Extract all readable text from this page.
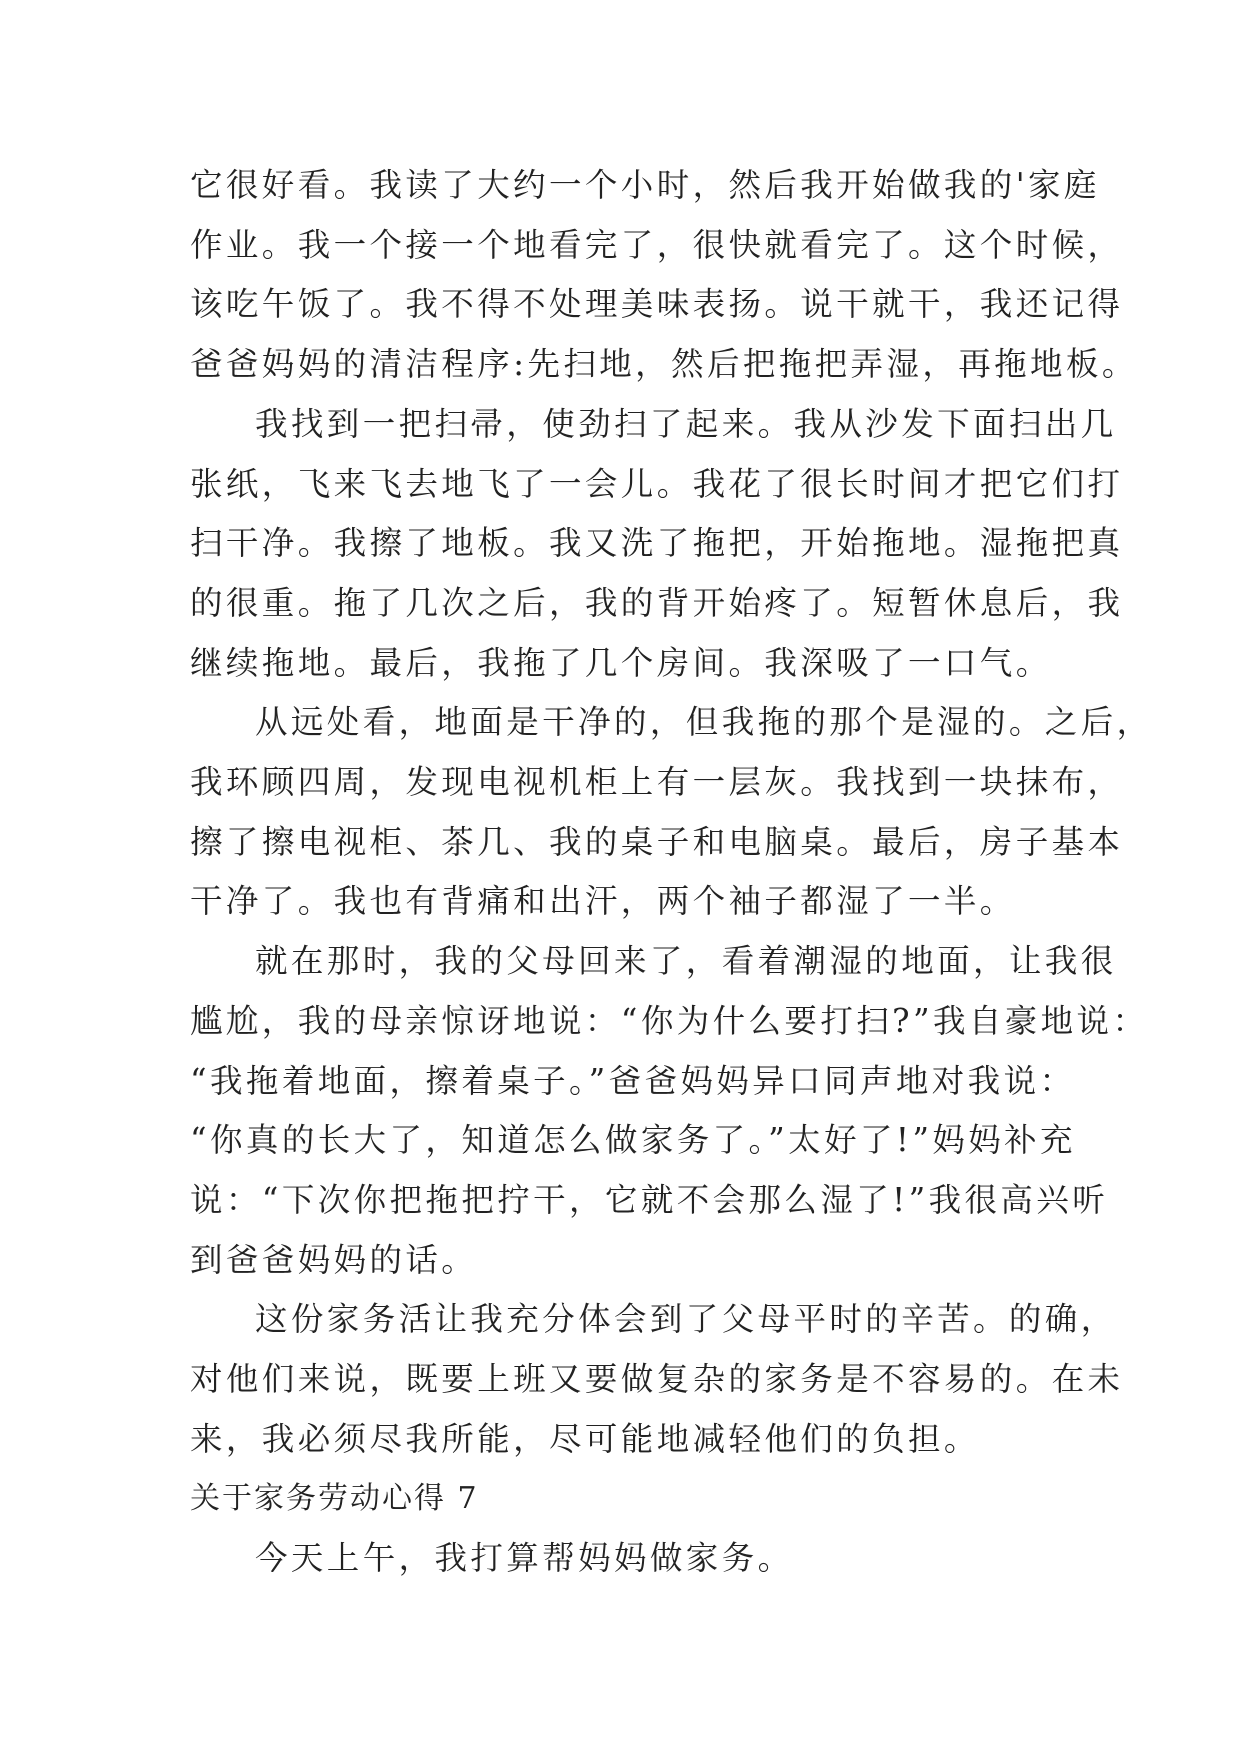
它很好看。我读了大约一个小时，然后我开始做我的'家庭
作业。我一个接一个地看完了，很快就看完了。这个时候，
该吃午饭了。我不得不处理美味表扬。说干就干，我还记得
爸爸妈妈的清洁程序:先扫地，然后把拖把弄湿，再拖地板。
我找到一把扫帚，使劲扫了起来。我从沙发下面扫出几
张纸，飞来飞去地飞了一会儿。我花了很长时间才把它们打
扫干净。我擦了地板。我又洗了拖把，开始拖地。湿拖把真
的很重。拖了几次之后，我的背开始疼了。短暂休息后，我
继续拖地。最后，我拖了几个房间。我深吸了一口气。
从远处看，地面是干净的，但我拖的那个是湿的。之后，
我环顾四周，发现电视机柜上有一层灰。我找到一块抹布，
擦了擦电视柜、茶几、我的桌子和电脑桌。最后，房子基本
干净了。我也有背痛和出汗，两个袖子都湿了一半。
就在那时，我的父母回来了，看着潮湿的地面，让我很
尴尬，我的母亲惊讶地说：“你为什么要打扫?”我自豪地说：
“我拖着地面，擦着桌子。”爸爸妈妈异口同声地对我说：
“你真的长大了，知道怎么做家务了。”太好了!”妈妈补充
说：“下次你把拖把拧干，它就不会那么湿了!”我很高兴听
到爸爸妈妈的话。
这份家务活让我充分体会到了父母平时的辛苦。的确，
对他们来说，既要上班又要做复杂的家务是不容易的。在未
来，我必须尽我所能，尽可能地减轻他们的负担。
关于家务劳动心得 7
今天上午，我打算帮妈妈做家务。
